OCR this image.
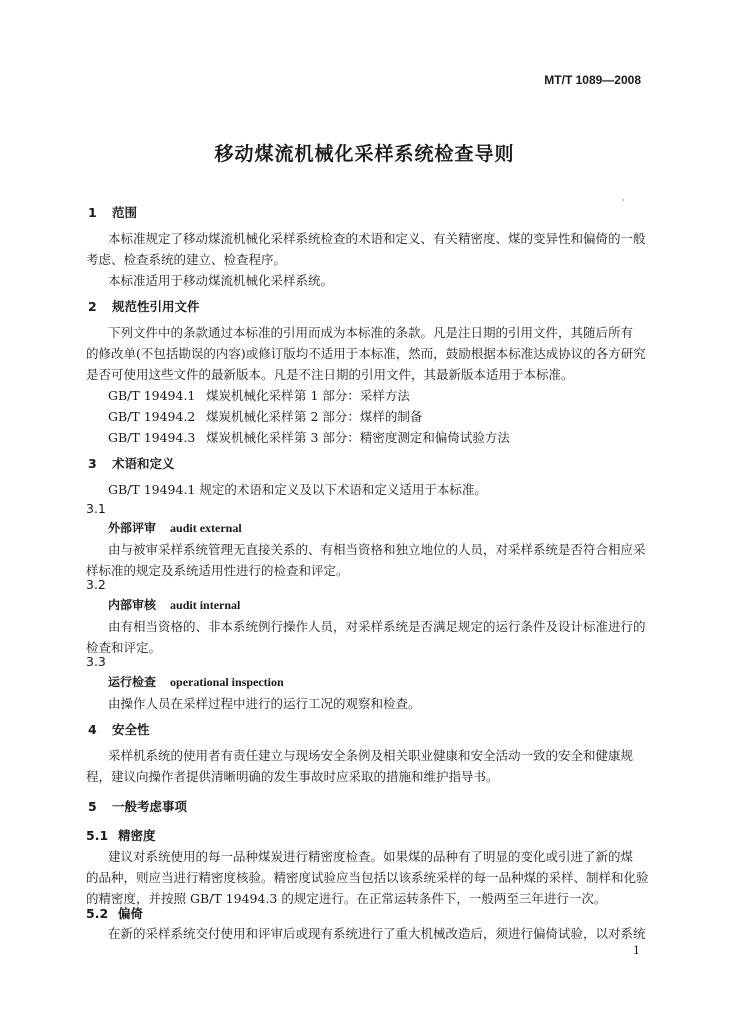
MT/T 1089—2008
移动煤流机械化采样系统检查导则
·
1 范围
本标准规定了移动煤流机械化采样系统检查的术语和定义、有关精密度、煤的变异性和偏倚的一般
考虑、检查系统的建立、检查程序。
本标准适用于移动煤流机械化采样系统。
2 规范性引用文件
下列文件中的条款通过本标准的引用而成为本标准的条款。凡是注日期的引用文件，其随后所有
的修改单(不包括勘误的内容)或修订版均不适用于本标准，然而，鼓励根据本标准达成协议的各方研究
是否可使用这些文件的最新版本。凡是不注日期的引用文件，其最新版本适用于本标准。
GB/T 19494.1 煤炭机械化采样第 1 部分：采样方法
GB/T 19494.2 煤炭机械化采样第 2 部分：煤样的制备
GB/T 19494.3 煤炭机械化采样第 3 部分：精密度测定和偏倚试验方法
3 术语和定义
GB/T 19494.1 规定的术语和定义及以下术语和定义适用于本标准。
3.1
外部评审 audit external
由与被审采样系统管理无直接关系的、有相当资格和独立地位的人员，对采样系统是否符合相应采
样标准的规定及系统适用性进行的检查和评定。
3.2
内部审核 audit internal
由有相当资格的、非本系统例行操作人员，对采样系统是否满足规定的运行条件及设计标准进行的
检查和评定。
3.3
运行检查 operational inspection
由操作人员在采样过程中进行的运行工况的观察和检查。
4 安全性
采样机系统的使用者有责任建立与现场安全条例及相关职业健康和安全活动一致的安全和健康规
程，建议向操作者提供清晰明确的发生事故时应采取的措施和维护指导书。
5 一般考虑事项
5.1 精密度
建议对系统使用的每一品种煤炭进行精密度检查。如果煤的品种有了明显的变化或引进了新的煤
的品种，则应当进行精密度核验。精密度试验应当包括以该系统采样的每一品种煤的采样、制样和化验
的精密度，并按照 GB/T 19494.3 的规定进行。在正常运转条件下，一般两至三年进行一次。
5.2 偏倚
在新的采样系统交付使用和评审后或现有系统进行了重大机械改造后，须进行偏倚试验，以对系统
1
